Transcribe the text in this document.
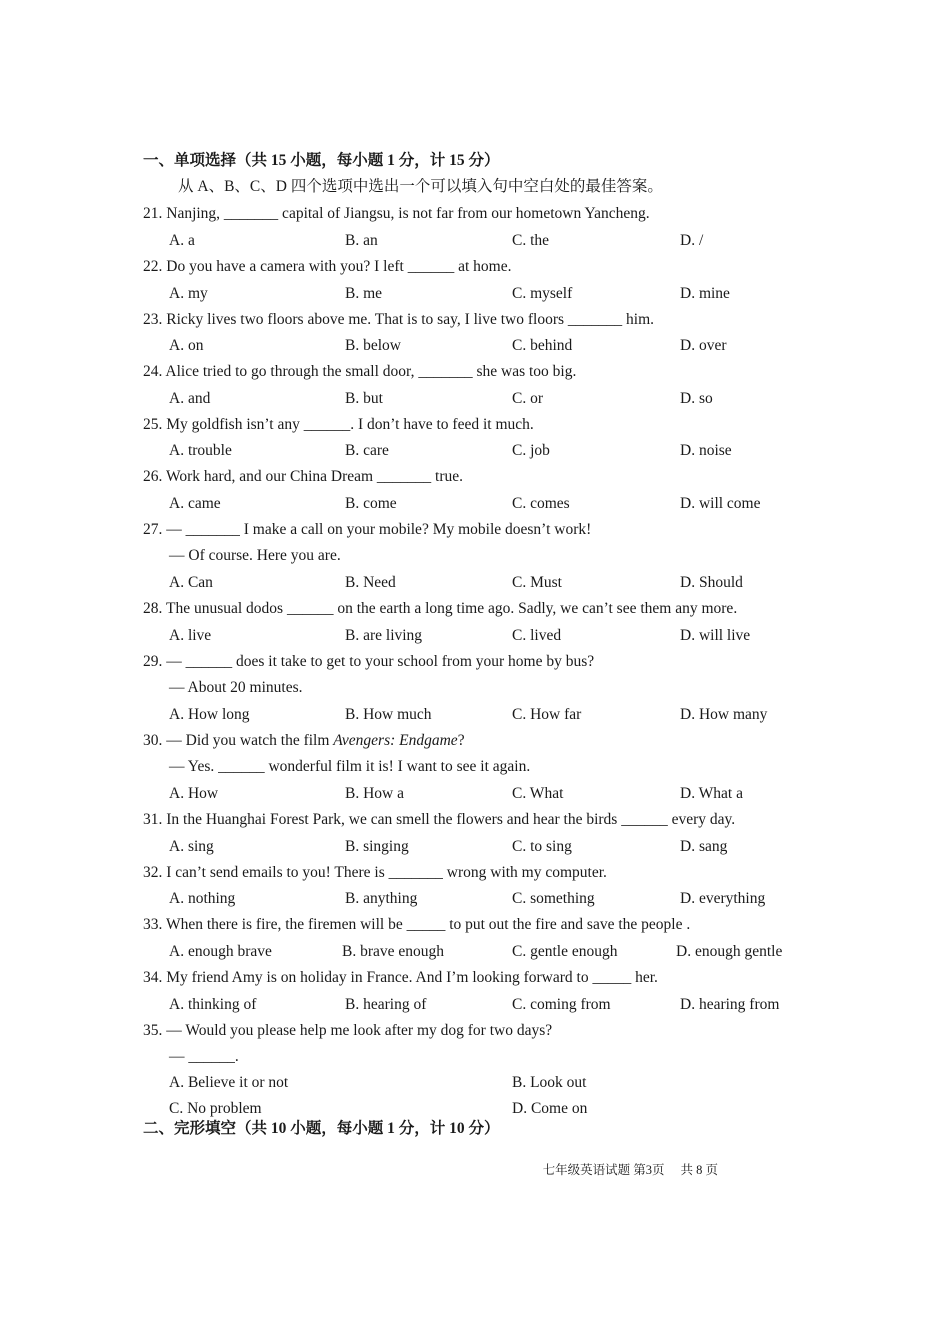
一、单项选择（共 15 小题，每小题 1 分，计 15 分）
从 A、B、C、D 四个选项中选出一个可以填入句中空白处的最佳答案。
21. Nanjing, _______ capital of Jiangsu, is not far from our hometown Yancheng.
A. a	B. an	C. the	D. /
22. Do you have a camera with you? I left ______ at home.
A. my	B. me	C. myself	D. mine
23. Ricky lives two floors above me. That is to say, I live two floors _______ him.
A. on	B. below	C. behind	D. over
24. Alice tried to go through the small door, _______ she was too big.
A. and	B. but	C. or	D. so
25. My goldfish isn’t any ______. I don’t have to feed it much.
A. trouble	B. care	C. job	D. noise
26. Work hard, and our China Dream _______ true.
A. came	B. come	C. comes	D. will come
27. — _______ I make a call on your mobile? My mobile doesn’t work!
— Of course. Here you are.
A. Can	B. Need	C. Must	D. Should
28. The unusual dodos ______ on the earth a long time ago. Sadly, we can’t see them any more.
A. live	B. are living	C. lived	D. will live
29. — ______ does it take to get to your school from your home by bus?
— About 20 minutes.
A. How long	B. How much	C. How far	D. How many
30. — Did you watch the film Avengers: Endgame?
— Yes. ______ wonderful film it is! I want to see it again.
A. How	B. How a	C. What	D. What a
31. In the Huanghai Forest Park, we can smell the flowers and hear the birds ______ every day.
A. sing	B. singing	C. to sing	D. sang
32. I can’t send emails to you! There is _______ wrong with my computer.
A. nothing	B. anything	C. something	D. everything
33. When there is fire, the firemen will be _____ to put out the fire and save the people .
A. enough brave	B. brave enough	C. gentle enough	D. enough gentle
34. My friend Amy is on holiday in France. And I’m looking forward to _____ her.
A. thinking of	B. hearing of	C. coming from	D. hearing from
35. — Would you please help me look after my dog for two days?
— ______.
A. Believe it or not	B. Look out
C. No problem	D. Come on
二、完形填空（共 10 小题，每小题 1 分，计 10 分）
七年级英语试题 第3页 共 8 页
